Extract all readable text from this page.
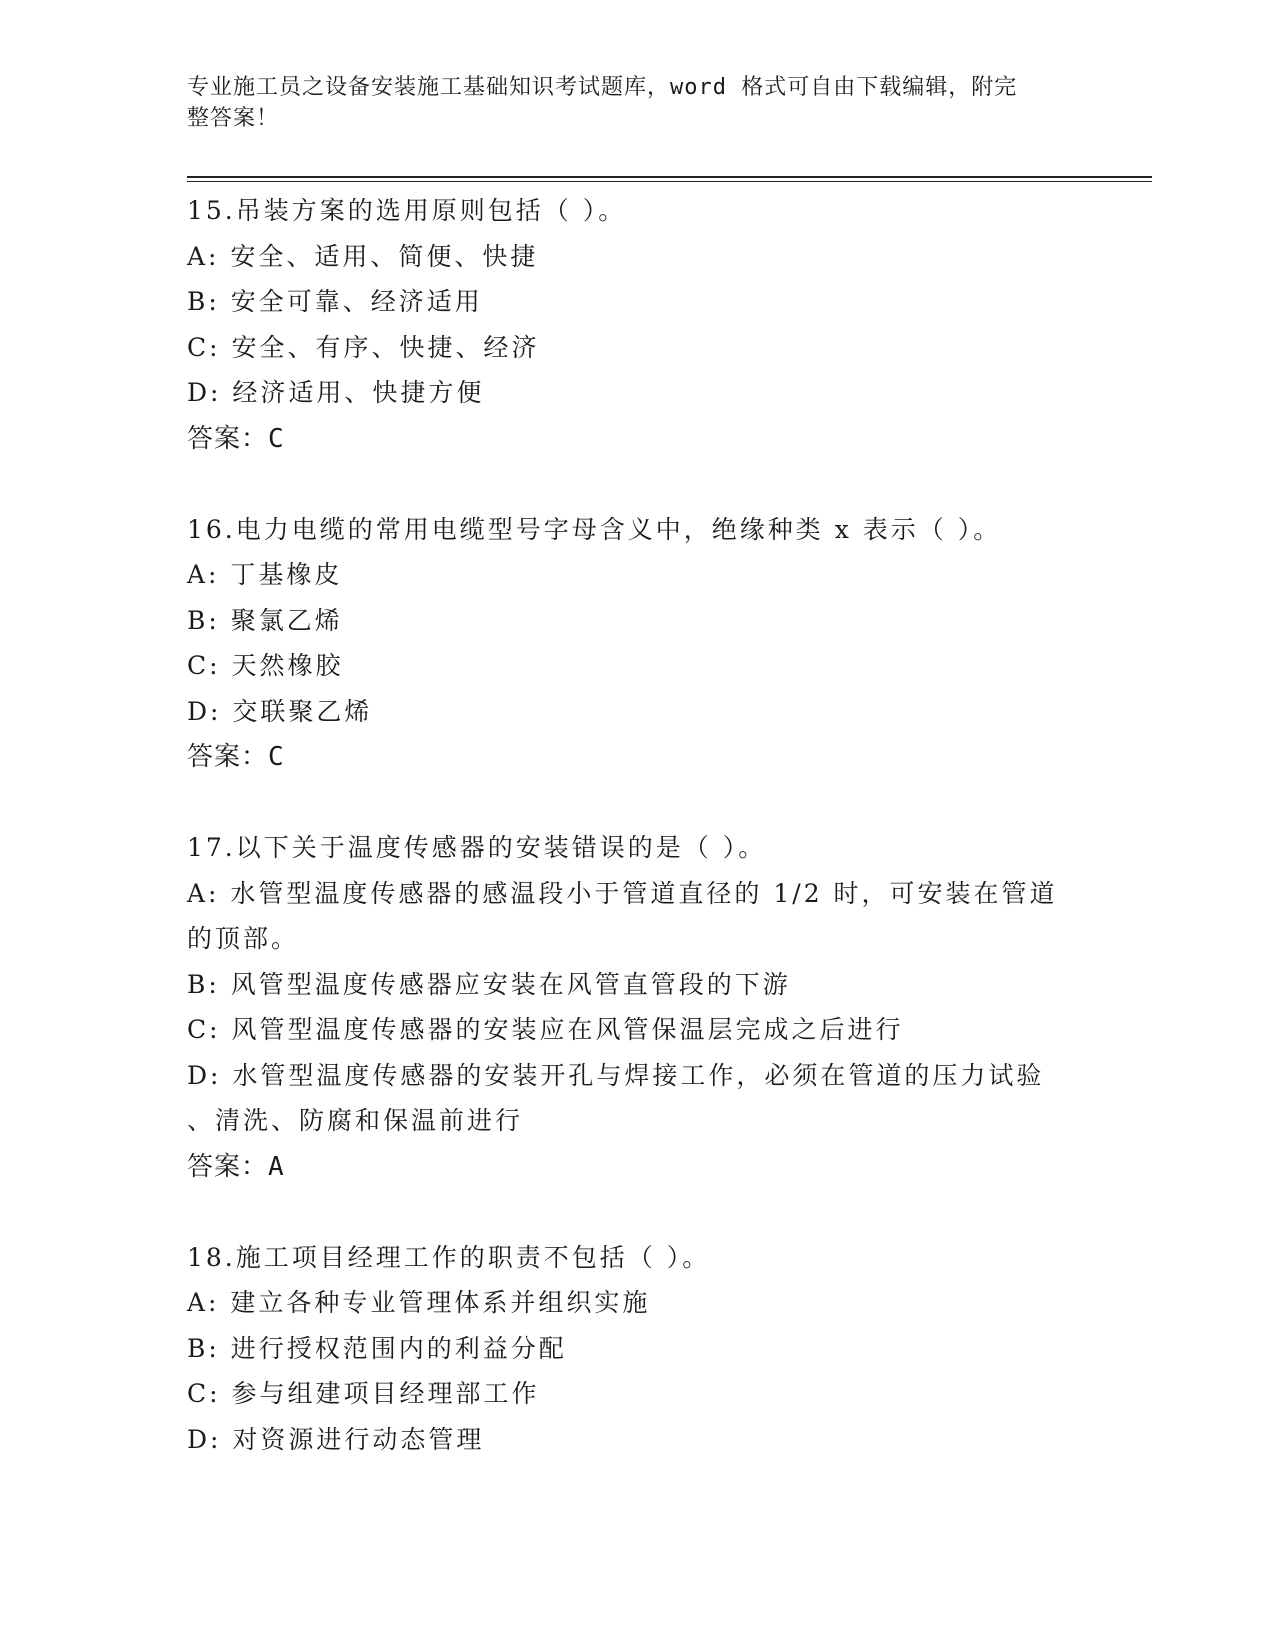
专业施工员之设备安装施工基础知识考试题库，word 格式可自由下载编辑，附完
整答案！
15.吊装方案的选用原则包括（ ）。
A: 安全、适用、简便、快捷
B: 安全可靠、经济适用
C: 安全、有序、快捷、经济
D: 经济适用、快捷方便
答案：C
16.电力电缆的常用电缆型号字母含义中，绝缘种类 x 表示（ ）。
A: 丁基橡皮
B: 聚氯乙烯
C: 天然橡胶
D: 交联聚乙烯
答案：C
17.以下关于温度传感器的安装错误的是（ ）。
A: 水管型温度传感器的感温段小于管道直径的 1/2 时，可安装在管道
的顶部。
B: 风管型温度传感器应安装在风管直管段的下游
C: 风管型温度传感器的安装应在风管保温层完成之后进行
D: 水管型温度传感器的安装开孔与焊接工作，必须在管道的压力试验
、清洗、防腐和保温前进行
答案：A
18.施工项目经理工作的职责不包括（ ）。
A: 建立各种专业管理体系并组织实施
B: 进行授权范围内的利益分配
C: 参与组建项目经理部工作
D: 对资源进行动态管理
